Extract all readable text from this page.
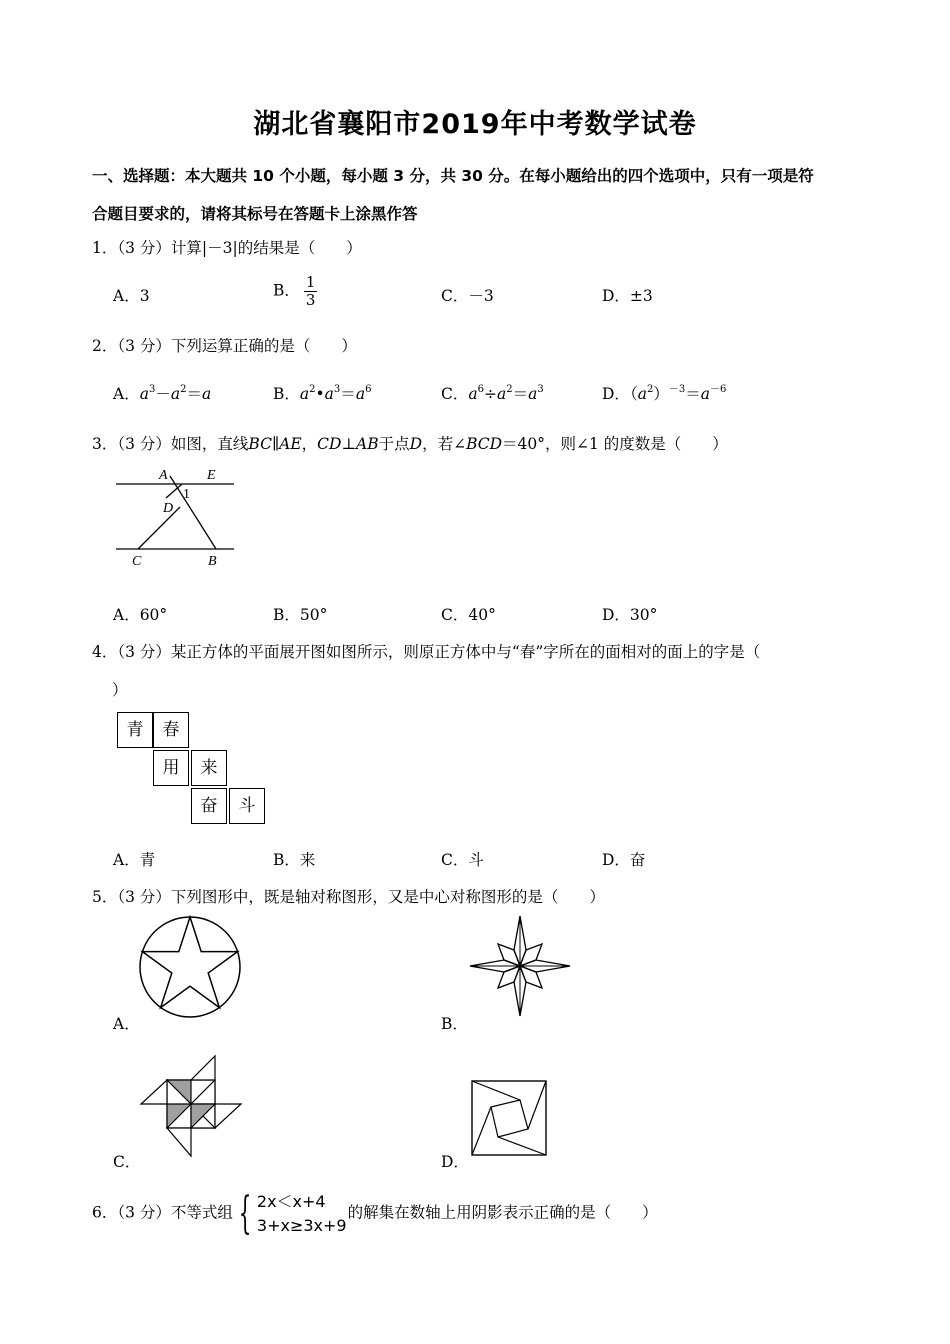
湖北省襄阳市2019年中考数学试卷
一、选择题：本大题共 10 个小题，每小题 3 分，共 30 分。在每小题给出的四个选项中，只有一项是符
合题目要求的，请将其标号在答题卡上涂黑作答
1．（3 分）计算|－3|的结果是（　　）
A．3	B． $\frac{1}{3}$	C．－3	D．±3
2．（3 分）下列运算正确的是（　　）
A．$a^3-a^2=a$	B．$a^2•a^3=a^6$	C．$a^6\div a^2=a^3$	D．$(a^2)^{-3}=a^{-6}$
3．（3 分）如图，直线BC∥AE，CD⊥AB于点D，若∠BCD＝40°，则∠1 的度数是（　　）
A	E
D
1
C	B
A．60°	B．50°	C．40°	D．30°
4．（3 分）某正方体的平面展开图如图所示，则原正方体中与“春”字所在的面相对的面上的字是（
）
青	春
用	来
奋	斗
A．青	B．来	C．斗	D．奋
5．（3 分）下列图形中，既是轴对称图形，又是中心对称图形的是（　　）
A．	B．
C．	D．
6．（3 分）不等式组 { 2x＜x+4
3+x≥3x+9
的解集在数轴上用阴影表示正确的是（　　）
